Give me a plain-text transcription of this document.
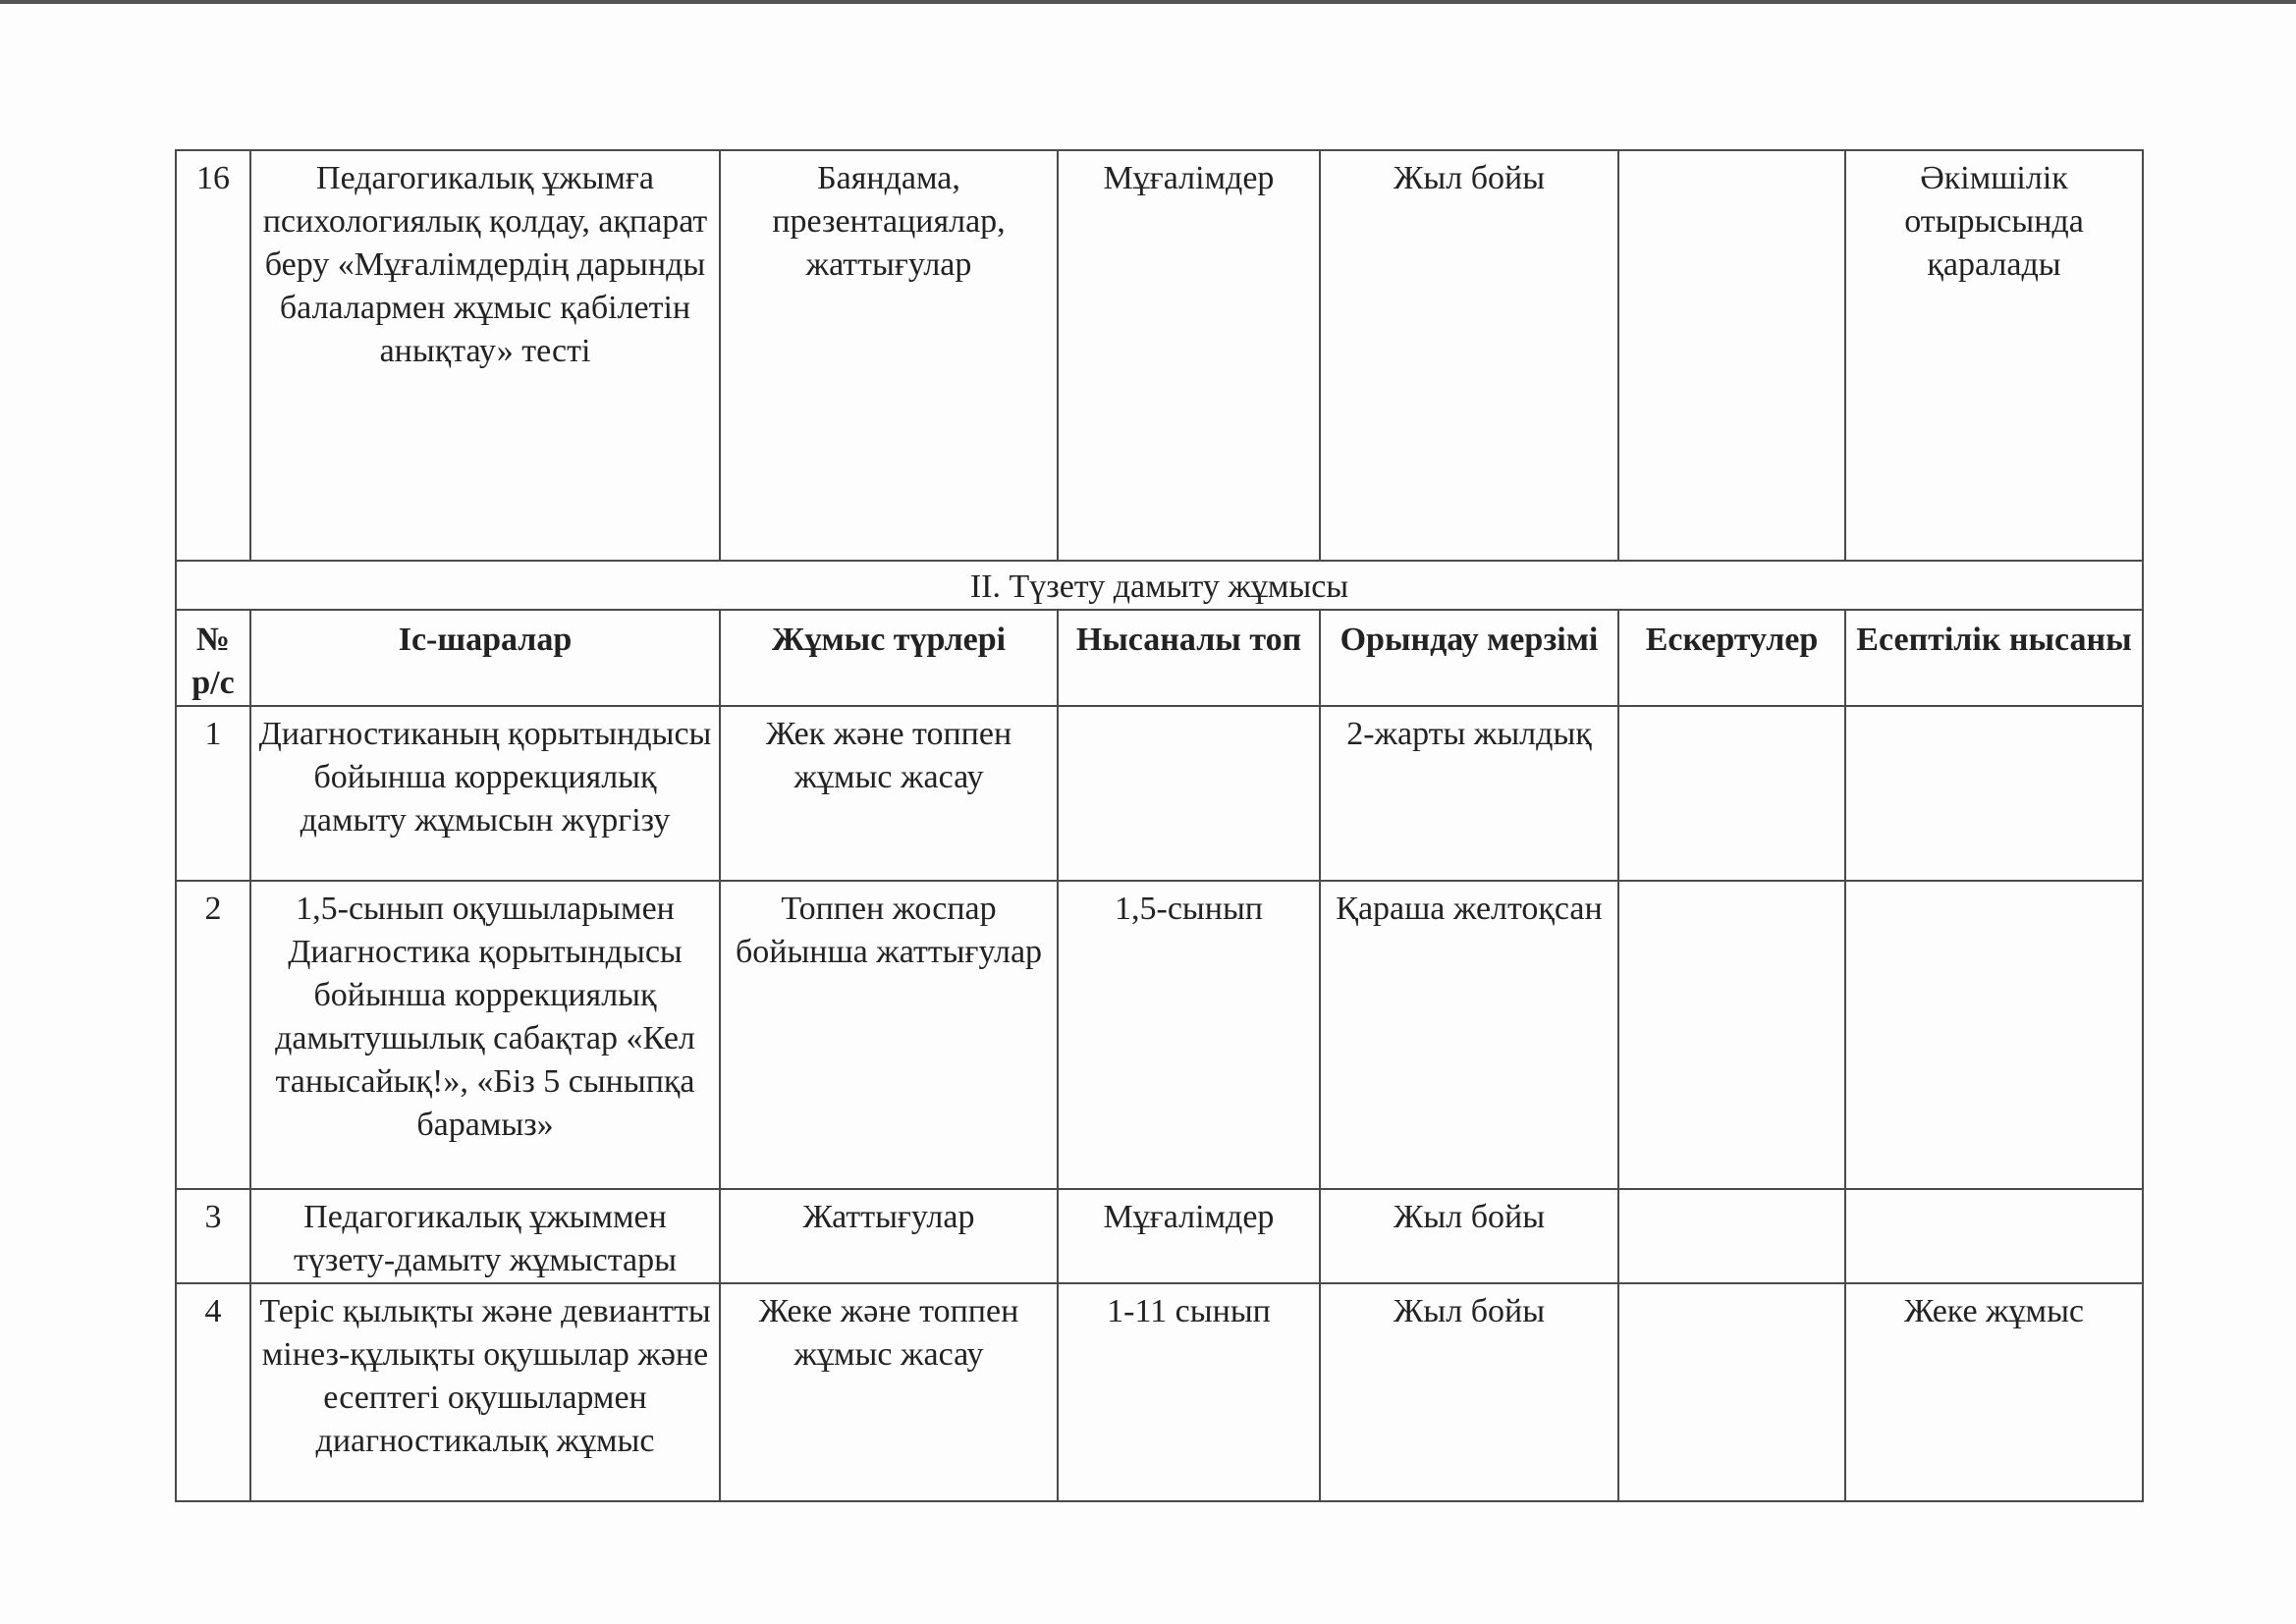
16	Педагогикалық ұжымға психологиялық қолдау, ақпарат беру «Мұғалімдердің дарынды балалармен жұмыс қабілетін анықтау» тесті	Баяндама, презентациялар, жаттығулар	Мұғалімдер	Жыл бойы		Әкімшілік отырысында қаралады
ІІ. Түзету дамыту жұмысы						
№ р/с	Іс-шаралар	Жұмыс түрлері	Нысаналы топ	Орындау мерзімі	Ескертулер	Есептілік нысаны
1	Диагностиканың қорытындысы бойынша коррекциялық дамыту жұмысын жүргізу	Жек және топпен жұмыс жасау		2-жарты жылдық		
2	1,5-сынып оқушыларымен Диагностика қорытындысы бойынша коррекциялық дамытушылық сабақтар «Кел танысайық!», «Біз 5 сыныпқа барамыз»	Топпен жоспар бойынша жаттығулар	1,5-сынып	Қараша желтоқсан		
3	Педагогикалық ұжыммен түзету-дамыту жұмыстары	Жаттығулар	Мұғалімдер	Жыл бойы		
4	Теріс қылықты және девиантты мінез-құлықты оқушылар және есептегі оқушылармен диагностикалық жұмыс	Жеке және топпен жұмыс жасау	1-11 сынып	Жыл бойы		Жеке жұмыс
